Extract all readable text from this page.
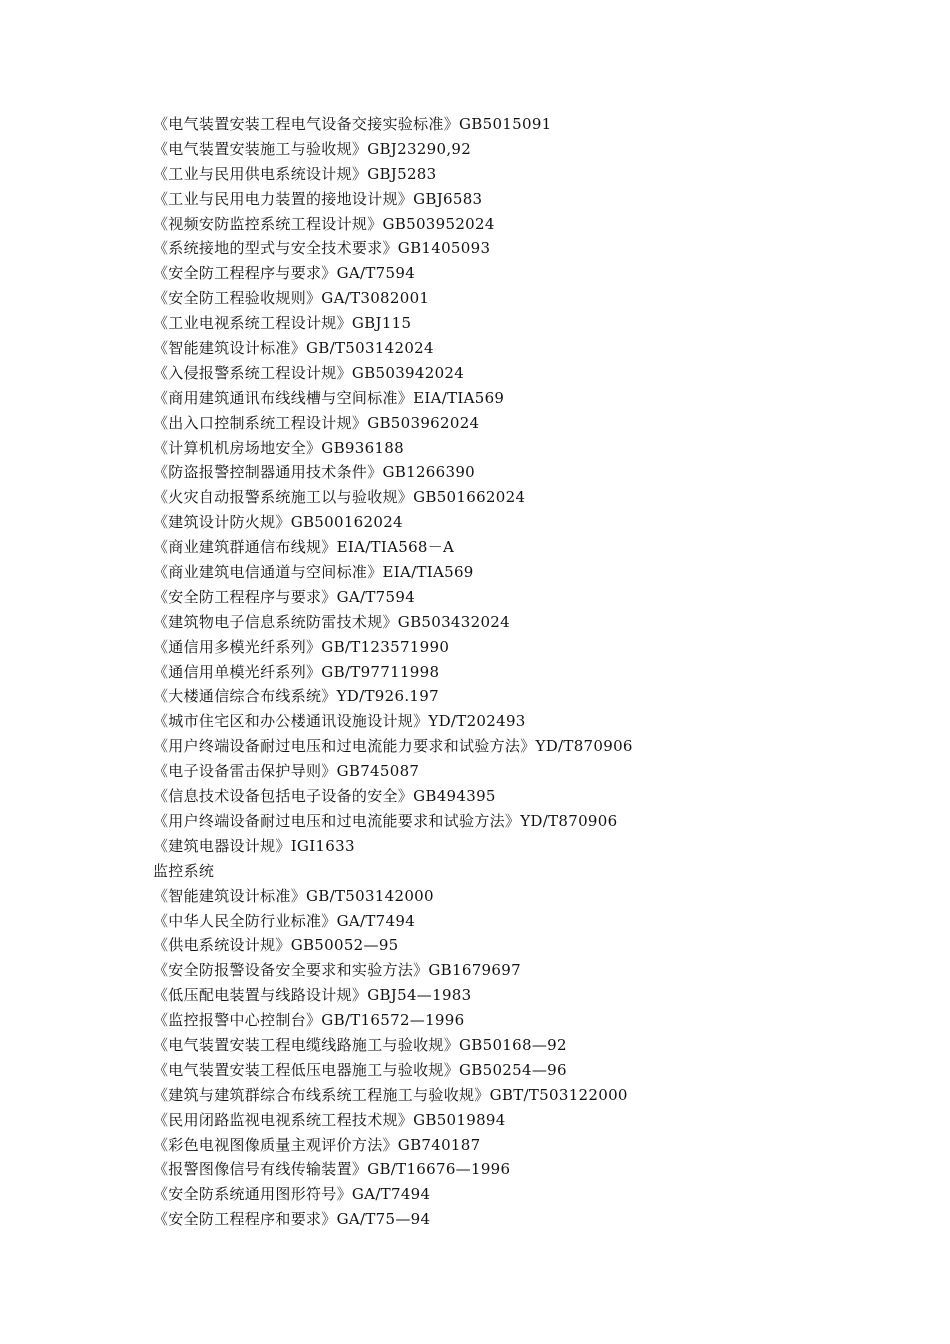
《电气装置安装工程电气设备交接实验标准》GB5015091
《电气装置安装施工与验收规》GBJ23290,92
《工业与民用供电系统设计规》GBJ5283
《工业与民用电力装置的接地设计规》GBJ6583
《视频安防监控系统工程设计规》GB503952024
《系统接地的型式与安全技术要求》GB1405093
《安全防工程程序与要求》GA/T7594
《安全防工程验收规则》GA/T3082001
《工业电视系统工程设计规》GBJ115
《智能建筑设计标准》GB/T503142024
《入侵报警系统工程设计规》GB503942024
《商用建筑通讯布线线槽与空间标准》EIA/TIA569
《出入口控制系统工程设计规》GB503962024
《计算机机房场地安全》GB936188
《防盗报警控制器通用技术条件》GB1266390
《火灾自动报警系统施工以与验收规》GB501662024
《建筑设计防火规》GB500162024
《商业建筑群通信布线规》EIA/TIA568－A
《商业建筑电信通道与空间标准》EIA/TIA569
《安全防工程程序与要求》GA/T7594
《建筑物电子信息系统防雷技术规》GB503432024
《通信用多模光纤系列》GB/T123571990
《通信用单模光纤系列》GB/T97711998
《大楼通信综合布线系统》YD/T926.197
《城市住宅区和办公楼通讯设施设计规》YD/T202493
《用户终端设备耐过电压和过电流能力要求和试验方法》YD/T870906
《电子设备雷击保护导则》GB745087
《信息技术设备包括电子设备的安全》GB494395
《用户终端设备耐过电压和过电流能要求和试验方法》YD/T870906
《建筑电器设计规》IGI1633
监控系统
《智能建筑设计标准》GB/T503142000
《中华人民全防行业标准》GA/T7494
《供电系统设计规》GB50052—95
《安全防报警设备安全要求和实验方法》GB1679697
《低压配电装置与线路设计规》GBJ54—1983
《监控报警中心控制台》GB/T16572—1996
《电气装置安装工程电缆线路施工与验收规》GB50168—92
《电气装置安装工程低压电器施工与验收规》GB50254—96
《建筑与建筑群综合布线系统工程施工与验收规》GBT/T503122000
《民用闭路监视电视系统工程技术规》GB5019894
《彩色电视图像质量主观评价方法》GB740187
《报警图像信号有线传输装置》GB/T16676—1996
《安全防系统通用图形符号》GA/T7494
《安全防工程程序和要求》GA/T75—94
